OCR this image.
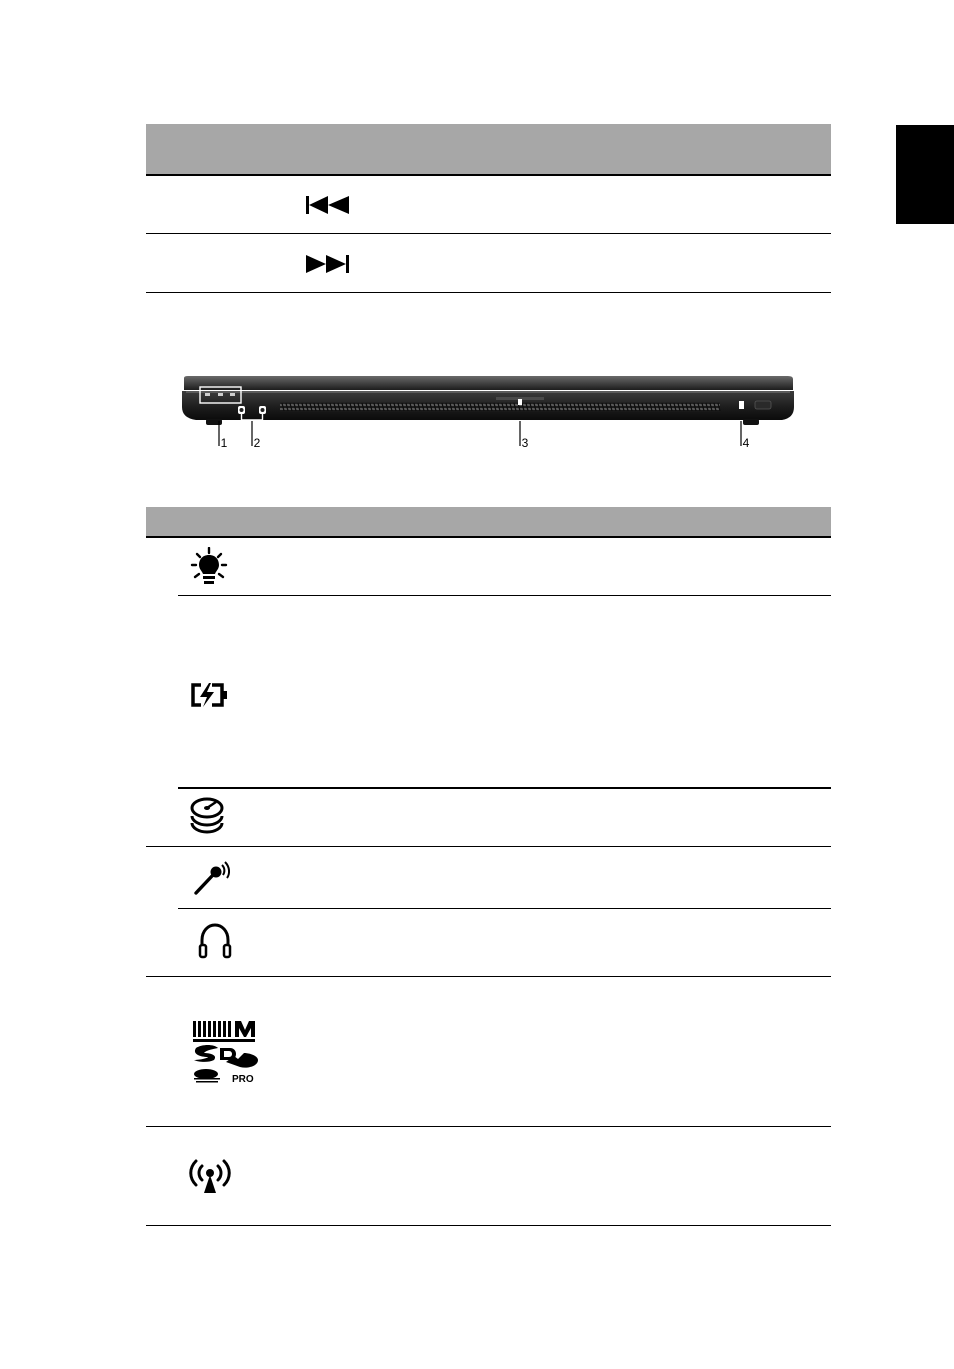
1 2	3	4
PRO
